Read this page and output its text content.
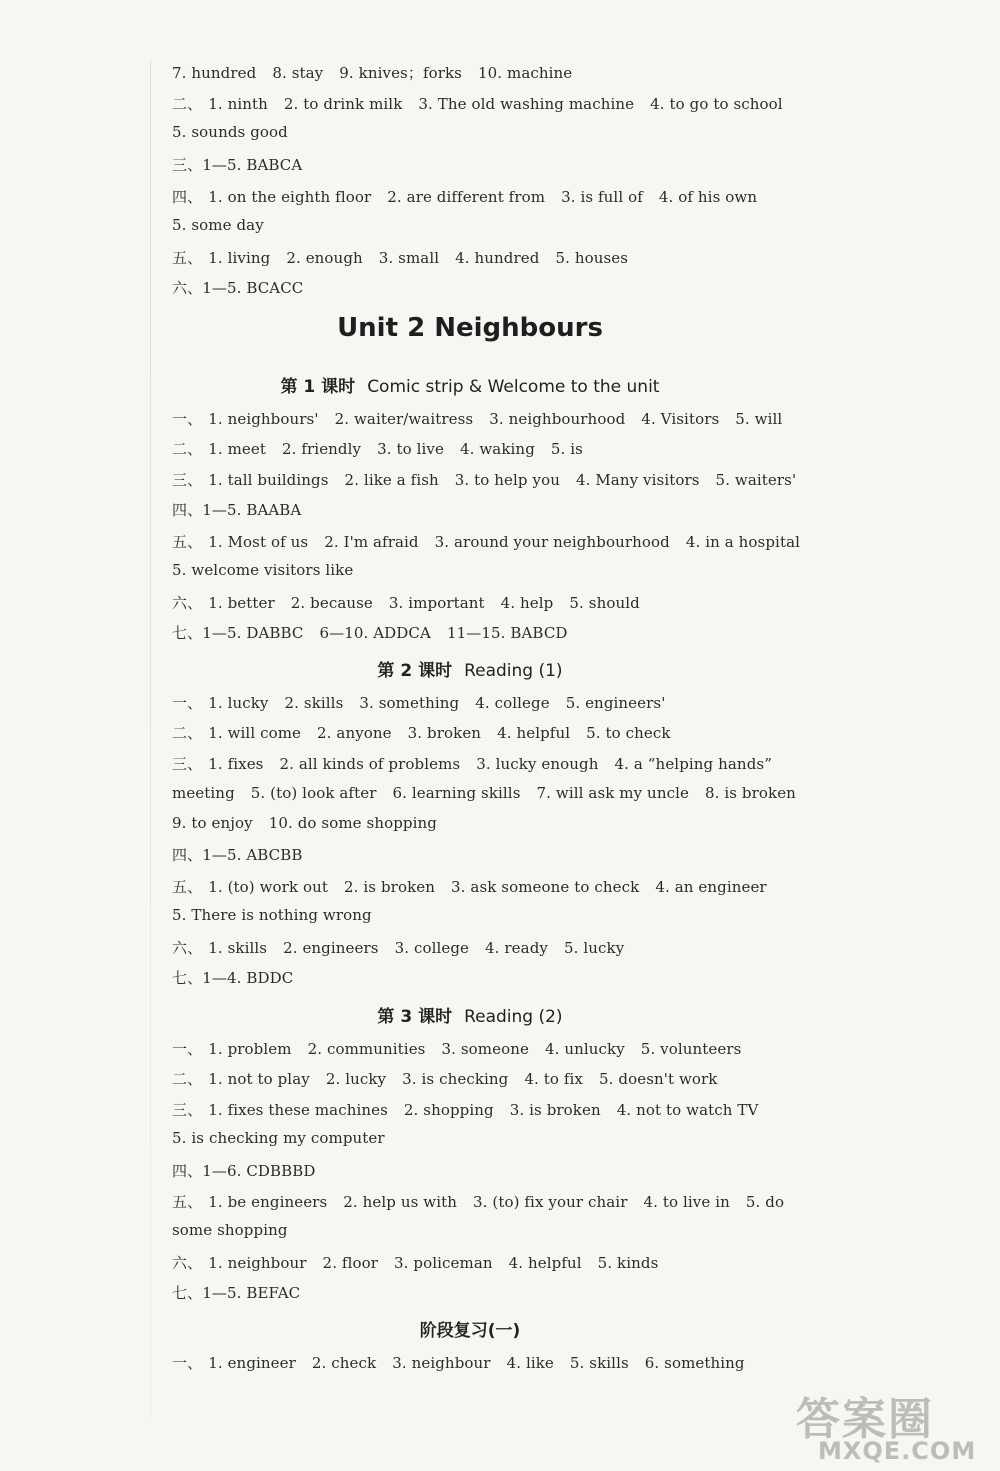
7. hundred 8. stay 9. knives；forks 10. machine
二、 1. ninth 2. to drink milk 3. The old washing machine 4. to go to school
5. sounds good
三、1—5. BABCA
四、 1. on the eighth floor 2. are different from 3. is full of 4. of his own
5. some day
五、 1. living 2. enough 3. small 4. hundred 5. houses
六、1—5. BCACC
Unit 2 Neighbours
第 1 课时 Comic strip & Welcome to the unit
一、 1. neighbours' 2. waiter/waitress 3. neighbourhood 4. Visitors 5. will
二、 1. meet 2. friendly 3. to live 4. waking 5. is
三、 1. tall buildings 2. like a fish 3. to help you 4. Many visitors 5. waiters'
四、1—5. BAABA
五、 1. Most of us 2. I'm afraid 3. around your neighbourhood 4. in a hospital
5. welcome visitors like
六、 1. better 2. because 3. important 4. help 5. should
七、1—5. DABBC 6—10. ADDCA 11—15. BABCD
第 2 课时 Reading (1)
一、 1. lucky 2. skills 3. something 4. college 5. engineers'
二、 1. will come 2. anyone 3. broken 4. helpful 5. to check
三、 1. fixes 2. all kinds of problems 3. lucky enough 4. a “helping hands”
meeting 5. (to) look after 6. learning skills 7. will ask my uncle 8. is broken
9. to enjoy 10. do some shopping
四、1—5. ABCBB
五、 1. (to) work out 2. is broken 3. ask someone to check 4. an engineer
5. There is nothing wrong
六、 1. skills 2. engineers 3. college 4. ready 5. lucky
七、1—4. BDDC
第 3 课时 Reading (2)
一、 1. problem 2. communities 3. someone 4. unlucky 5. volunteers
二、 1. not to play 2. lucky 3. is checking 4. to fix 5. doesn't work
三、 1. fixes these machines 2. shopping 3. is broken 4. not to watch TV
5. is checking my computer
四、1—6. CDBBBD
五、 1. be engineers 2. help us with 3. (to) fix your chair 4. to live in 5. do
some shopping
六、 1. neighbour 2. floor 3. policeman 4. helpful 5. kinds
七、1—5. BEFAC
阶段复习(一)
一、 1. engineer 2. check 3. neighbour 4. like 5. skills 6. something
答案圈
MXQE.COM
